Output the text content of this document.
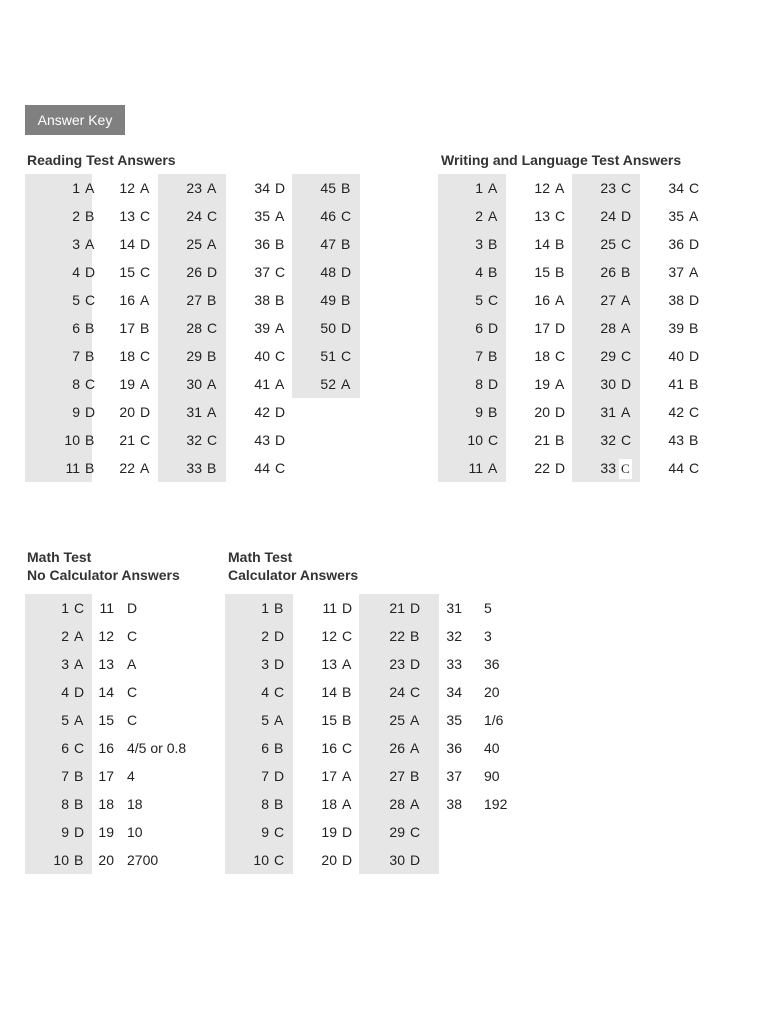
Answer Key
Reading Test Answers	Writing and Language Test Answers
Math Test
No Calculator Answers
Math Test
Calculator Answers
1 A
2 B
3 A
4 D
5 C
6 B
7 B
8 C
9 D
10 B
11 B
12 A
13 C
14 D
15 C
16 A
17 B
18 C
19 A
20 D
21 C
22 A
23 A
24 C
25 A
26 D
27 B
28 C
29 B
30 A
31 A
32 C
33 B
34 D
35 A
36 B
37 C
38 B
39 A
40 C
41 A
42 D
43 D
44 C
45 B
46 C
47 B
48 D
49 B
50 D
51 C
52 A
1 A
2 A
3 B
4 B
5 C
6 D
7 B
8 D
9 B
10 C
11 A
12 A
13 C
14 B
15 B
16 A
17 D
18 C
19 A
20 D
21 B
22 D
23 C
24 D
25 C
26 B
27 A
28 A
29 C
30 D
31 A
32 C
33 C
34 C
35 A
36 D
37 A
38 D
39 B
40 D
41 B
42 C
43 B
44 C
1 C
2 A
3 A
4 D
5 A
6 C
7 B
8 B
9 D
10 B
11 D
12 C
13 A
14 C
15 C
16 4/5 or 0.8
17 4
18 18
19 10
20 2700
1 B
2 D
3 D
4 C
5 A
6 B
7 D
8 B
9 C
10 C
11 D
12 C
13 A
14 B
15 B
16 C
17 A
18 A
19 D
20 D
21 D
22 B
23 D
24 C
25 A
26 A
27 B
28 A
29 C
30 D
31 5
32 3
33 36
34 20
35 1/6
36 40
37 90
38 192
